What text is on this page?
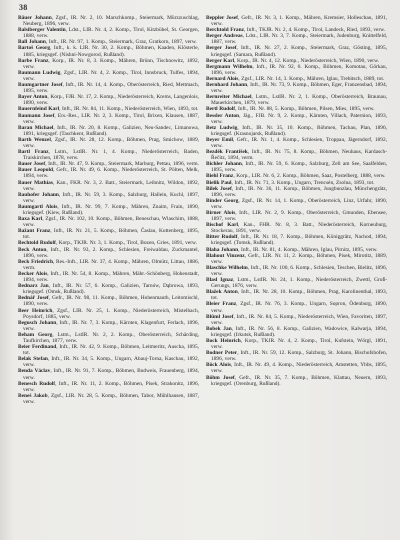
38

Bäuer Johann, Zgsf., IR. Nr. 2, 10. Marschkomp., Steiermark, Mürzzuschlag, Neuberg, 1896, verw.

Balsiberger Valentin, Ldst., LIR. Nr. 4, 2. Komp., Tirol, Kitzbühel, St. Georgen, 1888, verw.

Ball Johann, Inft., IR. Nr. 97, 1. Komp., Steiermark, Graz, Gratkorn, 1897, verw.

Bartoš Georg, Inft., k. k. LIR. Nr. 30, 2. Komp., Böhmen, Kaaden, Klösterle, 1885, kriegsgef. (Nishni-Nowgorod, Rußland).

Barbe Franz, Korp., IR. Nr. 8, 3. Komp., Mähren, Brünn, Tischnowitz, 1892, verw.

Baumann Ludwig, Zgsf., LIR. Nr. 4, 2. Komp., Tirol, Innsbruck, Tulfes, 1894, verw.

Baumgartner Josef, Inft., IR. Nr. 14, 4. Komp., Oberösterreich, Ried, Mettmach, 1895, verw.

Bayer Anton, Korp., FJB. Nr. 17, 2. Komp., Niederösterreich, Krems, Langenlois, 1890, verw.

Bauernfeind Karl, Inft., IR. Nr. 84, 11. Komp., Niederösterreich, Wien, 1893, tot.

Baumann Josef, Ers.-Res., LIR. Nr. 2, 3. Komp., Tirol, Brixen, Klausen, 1887, verw.

Baran Michael, Inft., IR. Nr. 20, 8. Komp., Galizien, Neu-Sandec, Limanowa, 1891, kriegsgef. (Taschkent, Rußland).

Barth Wenzel, Zgsf., IR. Nr. 28, 12. Komp., Böhmen, Prag, Smichow, 1889, verw.

Bartl Franz, Lstm., LstIR. Nr. 1, 4. Komp., Niederösterreich, Baden, Traiskirchen, 1878, verw.

Bauer Josef, Inft., IR. Nr. 47, 9. Komp., Steiermark, Marburg, Pettau, 1896, verm.

Bauer Leopold, Gefr., IR. Nr. 49, 6. Komp., Niederösterreich, St. Pölten, Melk, 1894, verw.

Bauer Mathias, Kan., FKR. Nr. 3, 2. Batt., Steiermark, Leibnitz, Wildon, 1892, verw.

Bauhofer Johann, Inft., IR. Nr. 59, 3. Komp., Salzburg, Hallein, Kuchl, 1897, verw.

Baumgartl Alois, Inft., IR. Nr. 99, 7. Komp., Mähren, Znaim, Frain, 1890, kriegsgef. (Kiew, Rußland).

Baxa Karl, Zgsf., IR. Nr. 102, 10. Komp., Böhmen, Beneschau, Wlaschim, 1888, verw.

Bažant Franz, Inft., IR. Nr. 21, 5. Komp., Böhmen, Časlau, Kuttenberg, 1895, tot.

Bechtold Rudolf, Korp., TKJR. Nr. 3, 1. Komp., Tirol, Bozen, Gries, 1891, verw.

Beck Anton, Inft., IR. Nr. 93, 2. Komp., Schlesien, Freiwaldau, Zuckmantel, 1896, verw.

Beck Friedrich, Res.-Inft., LIR. Nr. 37, 4. Komp., Mähren, Olmütz, Littau, 1886, verm.

Becker Alois, Inft., IR. Nr. 54, 8. Komp., Mähren, Mähr.-Schönberg, Hohenstadt, 1894, verw.

Bednarz Jan, Inft., IR. Nr. 57, 6. Komp., Galizien, Tarnów, Dąbrowa, 1893, kriegsgef. (Omsk, Rußland).

Bednář Josef, Gefr., IR. Nr. 98, 11. Komp., Böhmen, Hohenmauth, Leitomischl, 1890, verw.

Beer Heinrich, Zgsf., LIR. Nr. 25, 1. Komp., Niederösterreich, Mistelbach, Poysdorf, 1885, verw.

Begusch Johann, Inft., IR. Nr. 7, 3. Komp., Kärnten, Klagenfurt, Ferlach, 1896, verw.

Beham Georg, Lstm., LstIR. Nr. 2, 2. Komp., Oberösterreich, Schärding, Taufkirchen, 1877, verw.

Beier Ferdinand, Inft., IR. Nr. 42, 9. Komp., Böhmen, Leitmeritz, Auscha, 1895, tot.

Belak Stefan, Inft., IR. Nr. 34, 5. Komp., Ungarn, Abauj-Torna, Kaschau, 1892, verw.

Benda Václav, Inft., IR. Nr. 91, 7. Komp., Böhmen, Budweis, Frauenberg, 1894, verw.

Benesch Rudolf, Inft., IR. Nr. 11, 2. Komp., Böhmen, Pisek, Strakonitz, 1896, verw.

Beneš Jakob, Zgsf., LIR. Nr. 28, 5. Komp., Böhmen, Tabor, Mühlhausen, 1887, verw.

Beppler Josef, Gefr., IR. Nr. 3, 1. Komp., Mähren, Kremsier, Holleschau, 1891, verw.

Berchtold Franz, Inft., TKJR. Nr. 2, 4. Komp., Tirol, Landeck, Ried, 1893, verw.

Berger Andreas, Ldst., LIR. Nr. 3, 7. Komp., Steiermark, Judenburg, Knittelfeld, 1887, verw.

Berger Josef, Inft., IR. Nr. 27, 2. Komp., Steiermark, Graz, Gösting, 1895, kriegsgef. (Samara, Rußland).

Berger Karl, Korp., IR. Nr. 4, 12. Komp., Niederösterreich, Wien, 1890, verw.

Bergmann Wilhelm, Inft., IR. Nr. 92, 6. Komp., Böhmen, Komotau, Görkau, 1896, verw.

Bernard Alois, Zgsf., LIR. Nr. 14, 3. Komp., Mähren, Iglau, Trebitsch, 1889, tot.

Bernhard Johann, Inft., IR. Nr. 73, 9. Komp., Böhmen, Eger, Franzensbad, 1894, verw.

Bernreiter Michael, Lstm., LstIR. Nr. 2, 1. Komp., Oberösterreich, Braunau, Mauerkirchen, 1879, verw.

Bertl Rudolf, Inft., IR. Nr. 88, 5. Komp., Böhmen, Pilsen, Mies, 1895, verw.

Bessler Anton, Jäg., FJB. Nr. 9, 2. Komp., Kärnten, Villach, Paternion, 1893, verw.

Betz Ludwig, Inft., IR. Nr. 35, 10. Komp., Böhmen, Tachau, Plan, 1896, kriegsgef. (Krasnojarsk, Rußland).

Beyer Emil, Gefr., IR. Nr. 1, 4. Komp., Schlesien, Troppau, Jägerndorf, 1892, verw.

Bezděk František, Inft., IR. Nr. 75, 8. Komp., Böhmen, Neuhaus, Kardasch-Řečitz, 1894, verm.

Bichler Johann, Inft., IR. Nr. 59, 6. Komp., Salzburg, Zell am See, Saalfelden, 1895, verw.

Biehl Franz, Korp., LIR. Nr. 6, 2. Komp., Böhmen, Saaz, Postelberg, 1888, verw.

Bielik Paul, Inft., IR. Nr. 71, 3. Komp., Ungarn, Trencsén, Zsolna, 1893, tot.

Bílek Josef, Inft., IR. Nr. 36, 11. Komp., Böhmen, Jungbunzlau, Münchengrätz, 1896, verw.

Binder Georg, Zgsf., IR. Nr. 14, 1. Komp., Oberösterreich, Linz, Urfahr, 1890, verw.

Birner Alois, Inft., LIR. Nr. 2, 9. Komp., Oberösterreich, Gmunden, Ebensee, 1897, verw.

Bischof Karl, Kan., FHR. Nr. 8, 3. Batt., Niederösterreich, Korneuburg, Stockerau, 1891, verw.

Bitter Rudolf, Inft., IR. Nr. 18, 7. Komp., Böhmen, Königgrätz, Nachod, 1894, kriegsgef. (Tomsk, Rußland).

Blaha Johann, Inft., IR. Nr. 81, 4. Komp., Mähren, Iglau, Pirnitz, 1895, verw.

Blahout Vinzenz, Gefr., LIR. Nr. 11, 2. Komp., Böhmen, Pisek, Mirotitz, 1889, verw.

Blaschke Wilhelm, Inft., IR. Nr. 100, 6. Komp., Schlesien, Teschen, Bielitz, 1896, verw.

Blasl Ignaz, Lstm., LstIR. Nr. 24, 1. Komp., Niederösterreich, Zwettl, Groß-Gerungs, 1876, verw.

Blažek Anton, Inft., IR. Nr. 28, 10. Komp., Böhmen, Prag, Karolinenthal, 1893, tot.

Bleier Franz, Zgsf., IR. Nr. 76, 3. Komp., Ungarn, Sopron, Ödenburg, 1890, verw.

Blüml Josef, Inft., IR. Nr. 84, 5. Komp., Niederösterreich, Wien, Favoriten, 1897, verw.

Bobek Jan, Inft., IR. Nr. 56, 8. Komp., Galizien, Wadowice, Kalwarja, 1894, kriegsgef. (Irkutsk, Rußland).

Bock Heinrich, Korp., TKJR. Nr. 4, 2. Komp., Tirol, Kufstein, Wörgl, 1891, verw.

Bodner Peter, Inft., IR. Nr. 59, 12. Komp., Salzburg, St. Johann, Bischofshofen, 1896, verw.

Böck Alois, Inft., IR. Nr. 49, 4. Komp., Niederösterreich, Amstetten, Ybbs, 1895, verw.

Böhm Josef, Gefr., IR. Nr. 35, 7. Komp., Böhmen, Klattau, Neuern, 1893, kriegsgef. (Orenburg, Rußland).
